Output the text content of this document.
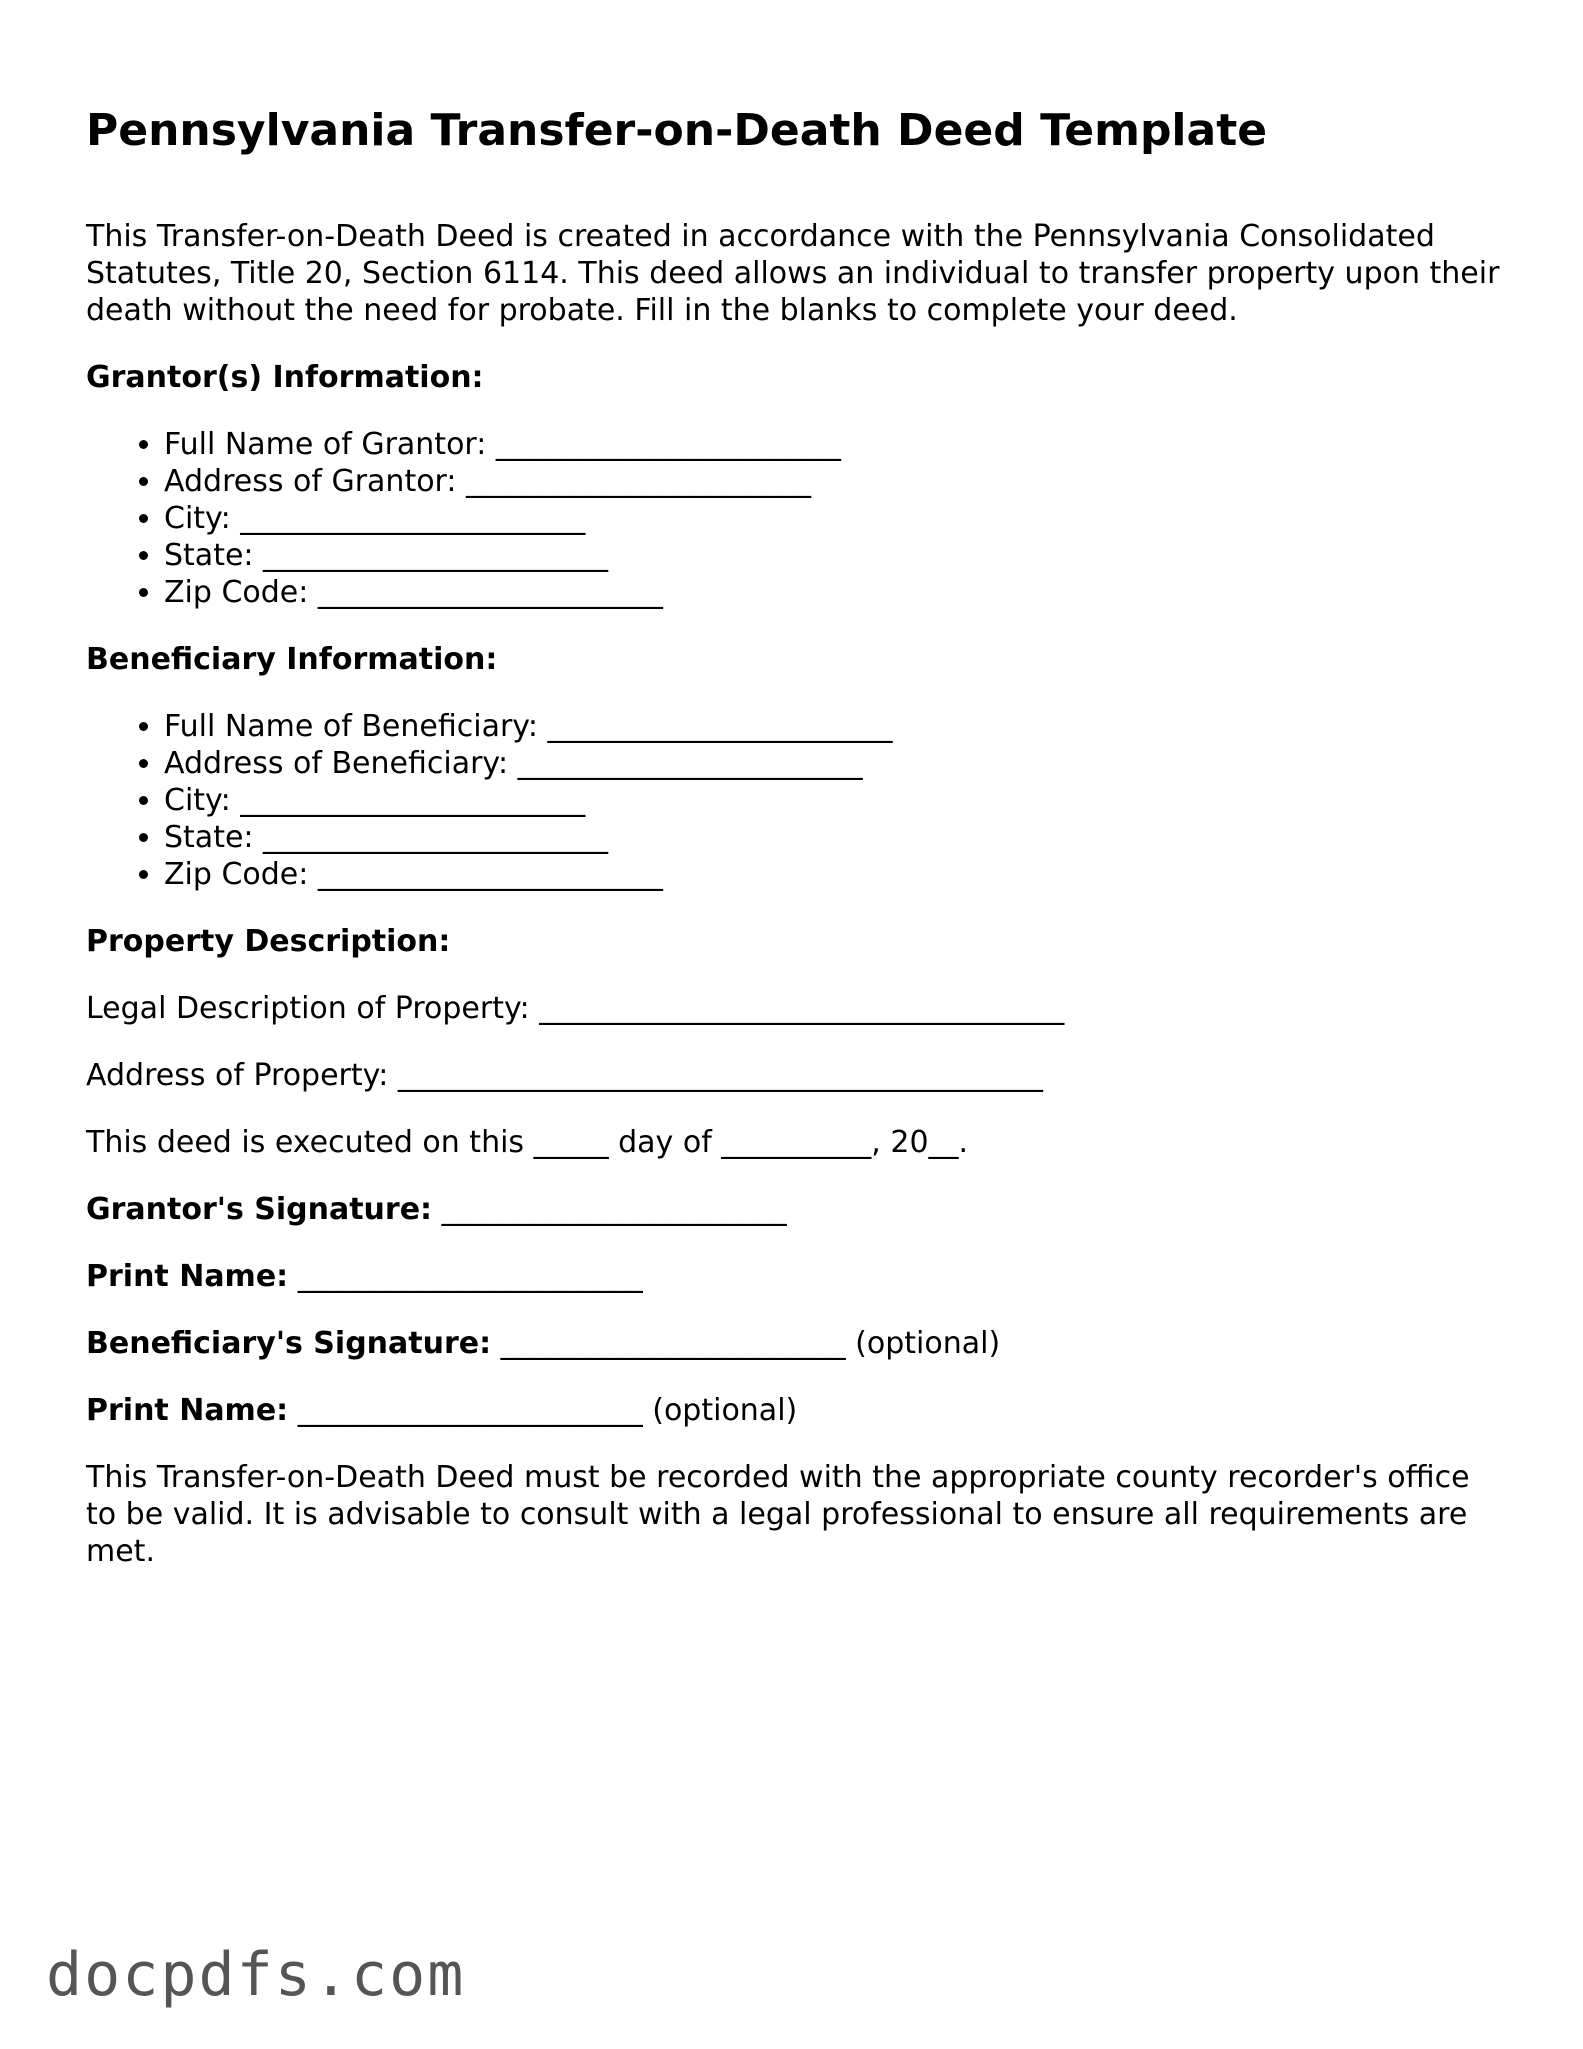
Pennsylvania Transfer-on-Death Deed Template

This Transfer-on-Death Deed is created in accordance with the Pennsylvania Consolidated Statutes, Title 20, Section 6114. This deed allows an individual to transfer property upon their death without the need for probate. Fill in the blanks to complete your deed.

Grantor(s) Information:

• Full Name of Grantor: _______________________
• Address of Grantor: _______________________
• City: _______________________
• State: _______________________
• Zip Code: _______________________

Beneficiary Information:

• Full Name of Beneficiary: _______________________
• Address of Beneficiary: _______________________
• City: _______________________
• State: _______________________
• Zip Code: _______________________

Property Description:

Legal Description of Property: ___________________________________

Address of Property: ___________________________________________

This deed is executed on this _____ day of __________, 20__.

Grantor's Signature: _______________________

Print Name: _______________________

Beneficiary's Signature: _______________________ (optional)

Print Name: _______________________ (optional)

This Transfer-on-Death Deed must be recorded with the appropriate county recorder's office to be valid. It is advisable to consult with a legal professional to ensure all requirements are met.

docpdfs.com
